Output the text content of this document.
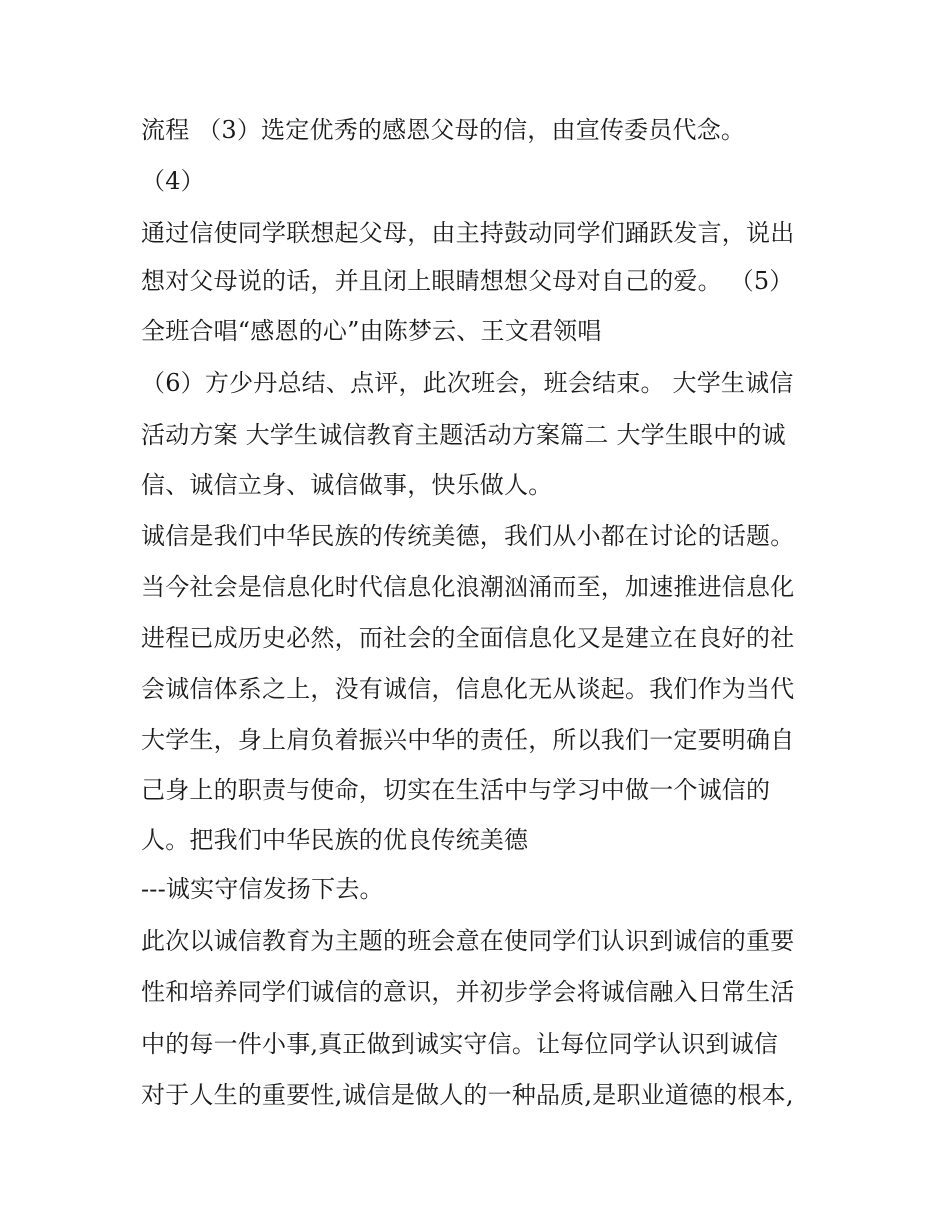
流程 （3）选定优秀的感恩父母的信，由宣传委员代念。
（4）
通过信使同学联想起父母，由主持鼓动同学们踊跃发言，说出
想对父母说的话，并且闭上眼睛想想父母对自己的爱。 （5）
全班合唱“感恩的心”由陈梦云、王文君领唱
（6）方少丹总结、点评，此次班会，班会结束。 大学生诚信
活动方案 大学生诚信教育主题活动方案篇二 大学生眼中的诚
信、诚信立身、诚信做事，快乐做人。
诚信是我们中华民族的传统美德，我们从小都在讨论的话题。
当今社会是信息化时代信息化浪潮汹涌而至，加速推进信息化
进程已成历史必然，而社会的全面信息化又是建立在良好的社
会诚信体系之上，没有诚信，信息化无从谈起。我们作为当代
大学生，身上肩负着振兴中华的责任，所以我们一定要明确自
己身上的职责与使命，切实在生活中与学习中做一个诚信的
人。把我们中华民族的优良传统美德
---诚实守信发扬下去。
此次以诚信教育为主题的班会意在使同学们认识到诚信的重要
性和培养同学们诚信的意识，并初步学会将诚信融入日常生活
中的每一件小事,真正做到诚实守信。让每位同学认识到诚信
对于人生的重要性,诚信是做人的一种品质,是职业道德的根本,
